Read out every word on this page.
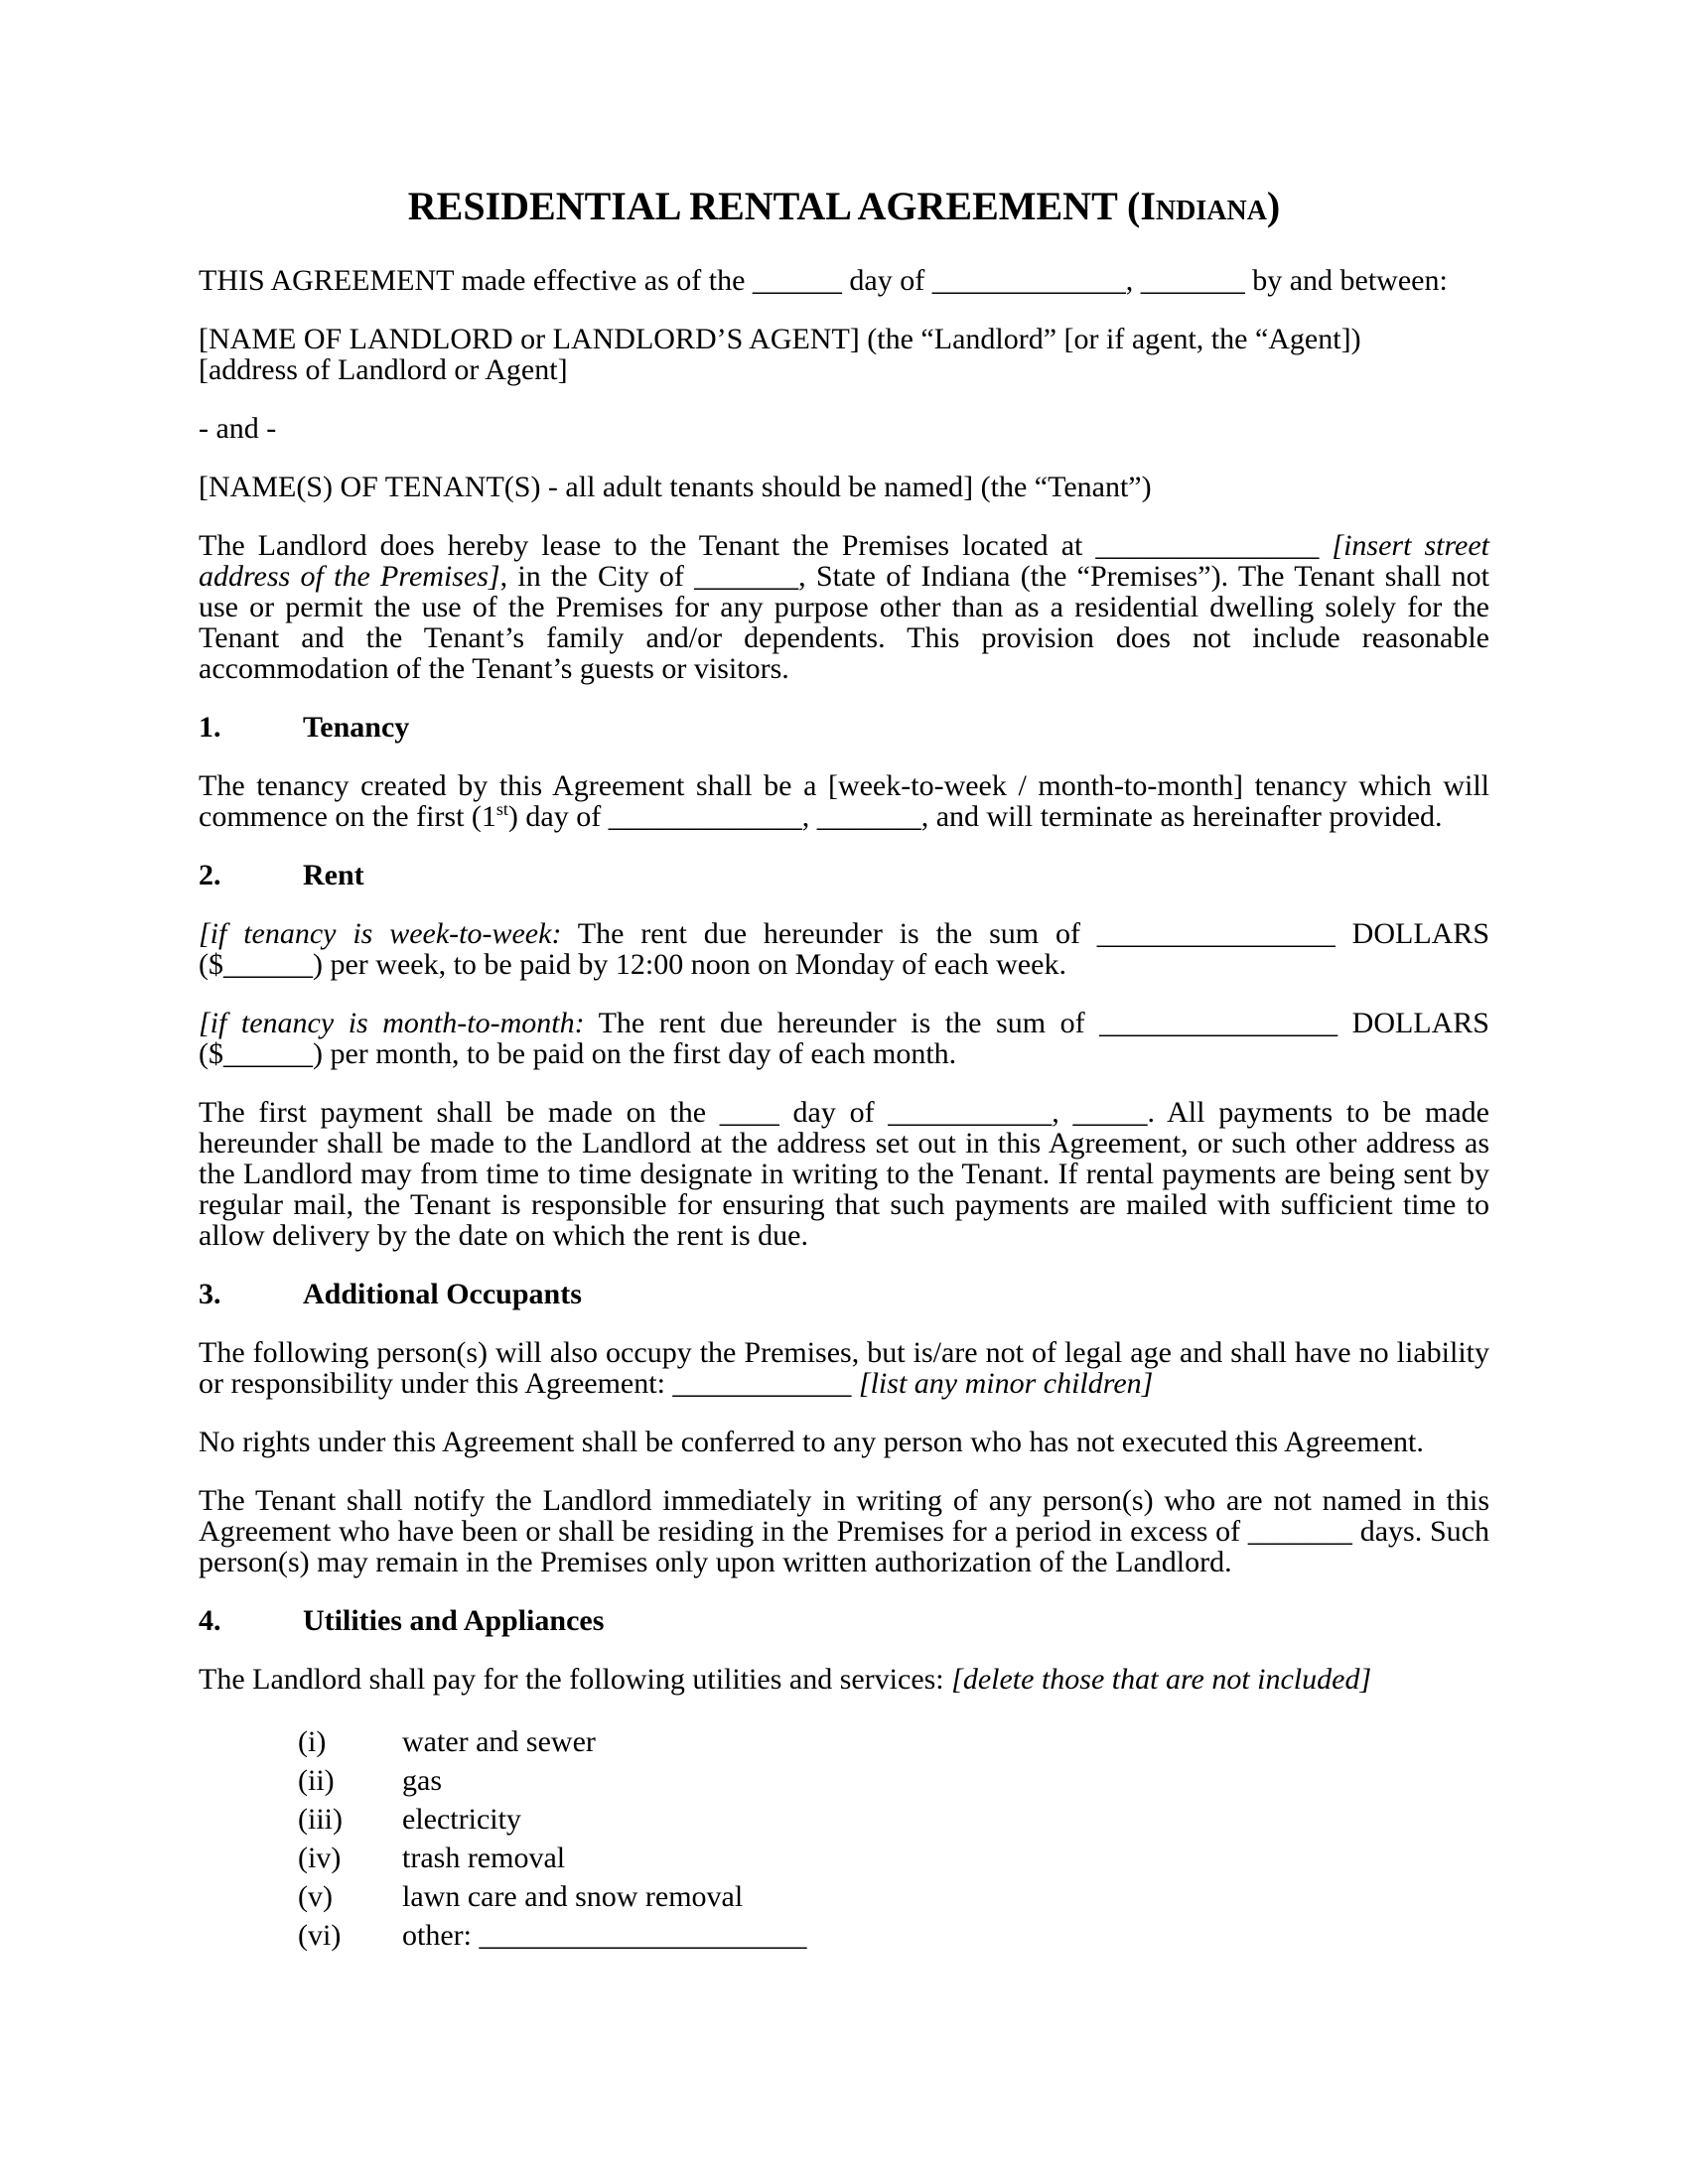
RESIDENTIAL RENTAL AGREEMENT (Indiana)

THIS AGREEMENT made effective as of the ______ day of _____________, _______ by and between:

[NAME OF LANDLORD or LANDLORD’S AGENT] (the “Landlord” [or if agent, the “Agent])
[address of Landlord or Agent]

- and -

[NAME(S) OF TENANT(S) - all adult tenants should be named] (the “Tenant”)

The Landlord does hereby lease to the Tenant the Premises located at _______________ [insert street address of the Premises], in the City of _______, State of Indiana (the “Premises”). The Tenant shall not use or permit the use of the Premises for any purpose other than as a residential dwelling solely for the Tenant and the Tenant’s family and/or dependents. This provision does not include reasonable accommodation of the Tenant’s guests or visitors.

1.	Tenancy

The tenancy created by this Agreement shall be a [week-to-week / month-to-month] tenancy which will commence on the first (1st) day of _____________, _______, and will terminate as hereinafter provided.

2.	Rent

[if tenancy is week-to-week: The rent due hereunder is the sum of ________________ DOLLARS ($______) per week, to be paid by 12:00 noon on Monday of each week.

[if tenancy is month-to-month: The rent due hereunder is the sum of ________________ DOLLARS ($______) per month, to be paid on the first day of each month.

The first payment shall be made on the ____ day of ___________, _____. All payments to be made hereunder shall be made to the Landlord at the address set out in this Agreement, or such other address as the Landlord may from time to time designate in writing to the Tenant. If rental payments are being sent by regular mail, the Tenant is responsible for ensuring that such payments are mailed with sufficient time to allow delivery by the date on which the rent is due.

3.	Additional Occupants

The following person(s) will also occupy the Premises, but is/are not of legal age and shall have no liability or responsibility under this Agreement: ____________ [list any minor children]

No rights under this Agreement shall be conferred to any person who has not executed this Agreement.

The Tenant shall notify the Landlord immediately in writing of any person(s) who are not named in this Agreement who have been or shall be residing in the Premises for a period in excess of _______ days. Such person(s) may remain in the Premises only upon written authorization of the Landlord.

4.	Utilities and Appliances

The Landlord shall pay for the following utilities and services: [delete those that are not included]

(i)	water and sewer
(ii) gas
(iii) electricity
(iv) trash removal
(v) lawn care and snow removal
(vi) other: ______________________
